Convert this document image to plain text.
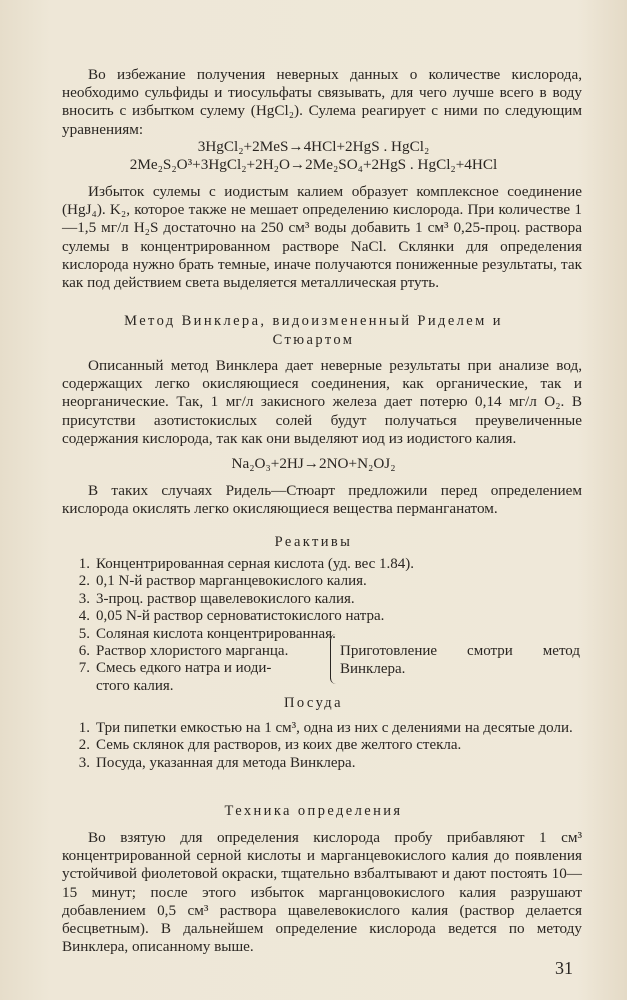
Во избежание получения неверных данных о количестве кислорода, необходимо сульфиды и тиосульфаты связывать, для чего лучше всего в воду вносить с избытком сулему (HgCl₂). Сулема реагирует с ними по следующим уравнениям:

3HgCl₂+2MeS→4HCl+2HgS . HgCl₂
2Me₂S₂O³+3HgCl₂+2H₂O→2Me₂SO₄+2HgS . HgCl₂+4HCl

Избыток сулемы с иодистым калием образует комплексное соединение (HgJ₄). K₂, которое также не мешает определению кислорода. При количестве 1—1,5 мг/л H₂S достаточно на 250 см³ воды добавить 1 см³ 0,25-проц. раствора сулемы в концентрированном растворе NaCl. Склянки для определения кислорода нужно брать темные, иначе получаются пониженные результаты, так как под действием света выделяется металлическая ртуть.

Метод Винклера, видоизмененный Риделем и
Стюартом

Описанный метод Винклера дает неверные результаты при анализе вод, содержащих легко окисляющиеся соединения, как органические, так и неорганические. Так, 1 мг/л закисного железа дает потерю 0,14 мг/л O₂. В присутстви азотистокислых солей будут получаться преувеличенные содержания кислорода, так как они выделяют иод из иодистого калия.

Na₂O₃+2HJ→2NO+N₂OJ₂

В таких случаях Ридель—Стюарт предложили перед определением кислорода окислять легко окисляющиеся вещества перманганатом.

Реактивы
1. Концентрированная серная кислота (уд. вес 1.84).
2. 0,1 N-й раствор марганцевокислого калия.
3. 3-проц. раствор щавелевокислого калия.
4. 0,05 N-й раствор серноватистокислого натра.
5. Соляная кислота концентрированная.
6. Раствор хлористого марганца.
7. Смесь едкого натра и иоди-
стого калия.
Приготовление смотри метод Винклера.
Посуда
1. Три пипетки емкостью на 1 см³, одна из них с делениями на десятые доли.
2. Семь склянок для растворов, из коих две желтого стекла.
3. Посуда, указанная для метода Винклера.
Техника определения

Во взятую для определения кислорода пробу прибавляют 1 см³ концентрированной серной кислоты и марганцевокислого калия до появления устойчивой фиолетовой окраски, тщательно взбалтывают и дают постоять 10—15 минут; после этого избыток марганцовокислого калия разрушают добавлением 0,5 см³ раствора щавелевокислого калия (раствор делается бесцветным). В дальнейшем определение кислорода ведется по методу Винклера, описанному выше.

31
